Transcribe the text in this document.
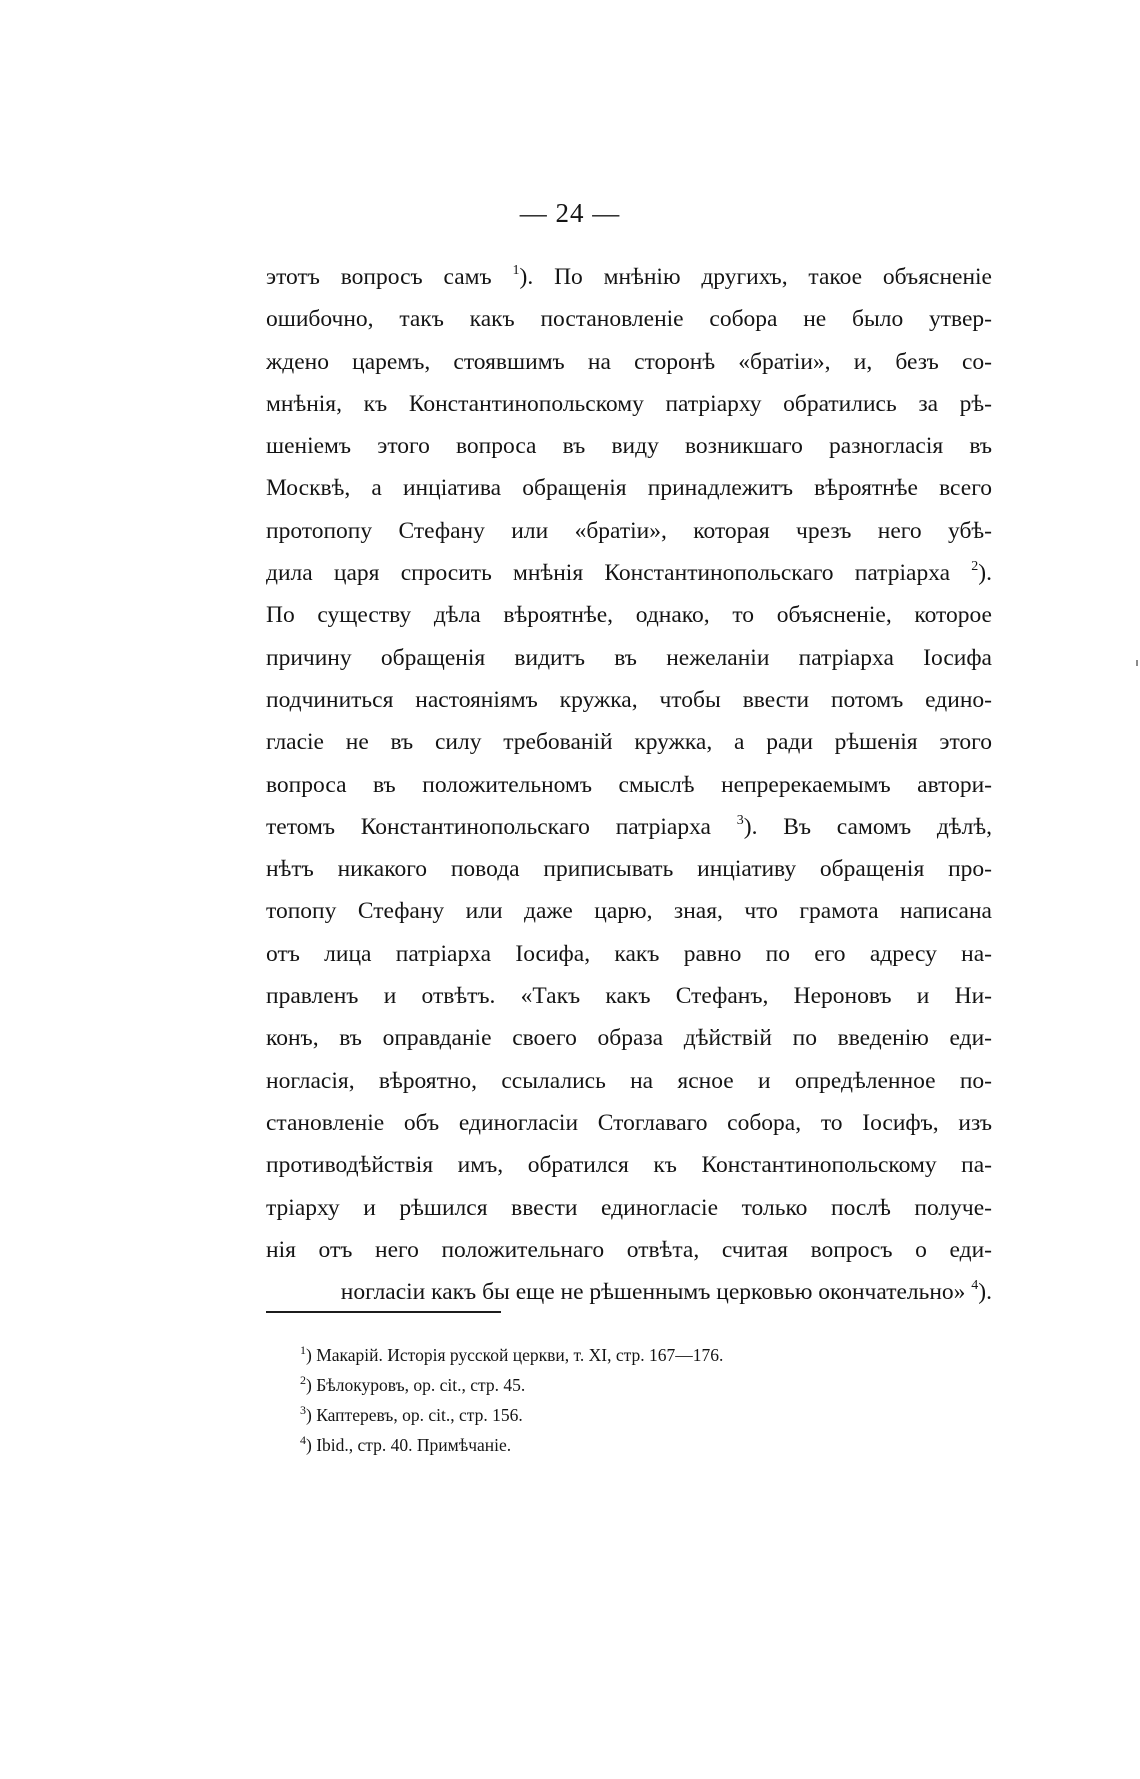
— 24 —
этотъ вопросъ самъ $^1$). По мнѣнію другихъ, такое объясненіе
ошибочно, такъ какъ постановленіе собора не было утвер-
ждено царемъ, стоявшимъ на сторонѣ «братіи», и, безъ со-
мнѣнія, къ Константинопольскому патріарху обратились за рѣ-
шеніемъ этого вопроса въ виду возникшаго разногласія въ
Москвѣ, а инціатива обращенія принадлежитъ вѣроятнѣе всего
протопопу Стефану или «братіи», которая чрезъ него убѣ-
дила царя спросить мнѣнія Константинопольскаго патріарха $^2$).
По существу дѣла вѣроятнѣе, однако, то объясненіе, которое
причину обращенія видитъ въ нежеланіи патріарха Іосифа
подчиниться настояніямъ кружка, чтобы ввести потомъ едино-
гласіе не въ силу требованій кружка, а ради рѣшенія этого
вопроса въ положительномъ смыслѣ непререкаемымъ автори-
тетомъ Константинопольскаго патріарха $^3$). Въ самомъ дѣлѣ,
нѣтъ никакого повода приписывать инціативу обращенія про-
топопу Стефану или даже царю, зная, что грамота написана
отъ лица патріарха Іосифа, какъ равно по его адресу на-
правленъ и отвѣтъ. «Такъ какъ Стефанъ, Нероновъ и Ни-
конъ, въ оправданіе своего образа дѣйствій по введенію еди-
ногласія, вѣроятно, ссылались на ясное и опредѣленное по-
становленіе объ единогласіи Стоглаваго собора, то Іосифъ, изъ
противодѣйствія имъ, обратился къ Константинопольскому па-
тріарху и рѣшился ввести единогласіе только послѣ получе-
нія отъ него положительнаго отвѣта, считая вопросъ о еди-
ногласіи какъ бы еще не рѣшеннымъ церковью окончательно» $^4$).
$^1$) Макарій. Исторія русской церкви, т. XI, стр. 167—176.
$^2$) Бѣлокуровъ, op. cit., стр. 45.
$^3$) Каптеревъ, op. cit., стр. 156.
$^4$) Ibid., стр. 40. Примѣчаніе.
